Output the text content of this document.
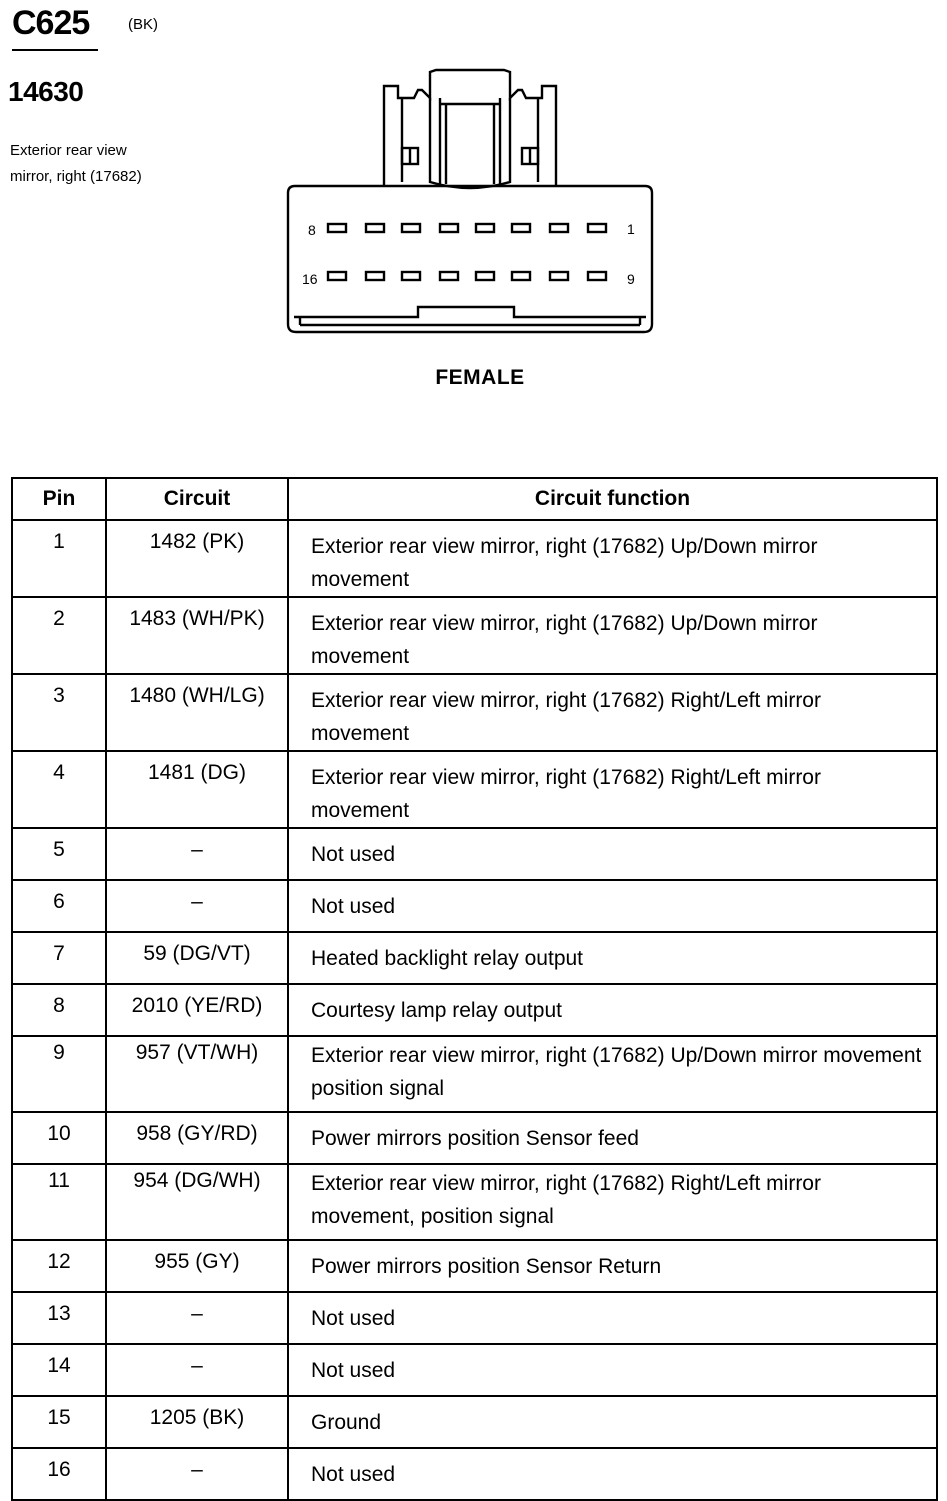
C625	(BK)
14630
Exterior rear view
mirror, right (17682)
8	1
16	9
FEMALE
Pin	Circuit	Circuit function
1	1482 (PK)	Exterior rear view mirror, right (17682) Up/Down mirror movement

2	1483 (WH/PK)	Exterior rear view mirror, right (17682) Up/Down mirror movement

3	1480 (WH/LG)	Exterior rear view mirror, right (17682) Right/Left mirror movement

4	1481 (DG)	Exterior rear view mirror, right (17682) Right/Left mirror movement

5	–	Not used
6	–	Not used
7	59 (DG/VT)	Heated backlight relay output
8	2010 (YE/RD)	Courtesy lamp relay output
9	957 (VT/WH)	Exterior rear view mirror, right (17682) Up/Down mirror movement position signal
10	958 (GY/RD)	Power mirrors position Sensor feed
11	954 (DG/WH)	Exterior rear view mirror, right (17682) Right/Left mirror movement, position signal
12	955 (GY)	Power mirrors position Sensor Return
13	–	Not used
14	–	Not used
15	1205 (BK)	Ground
16	–	Not used
